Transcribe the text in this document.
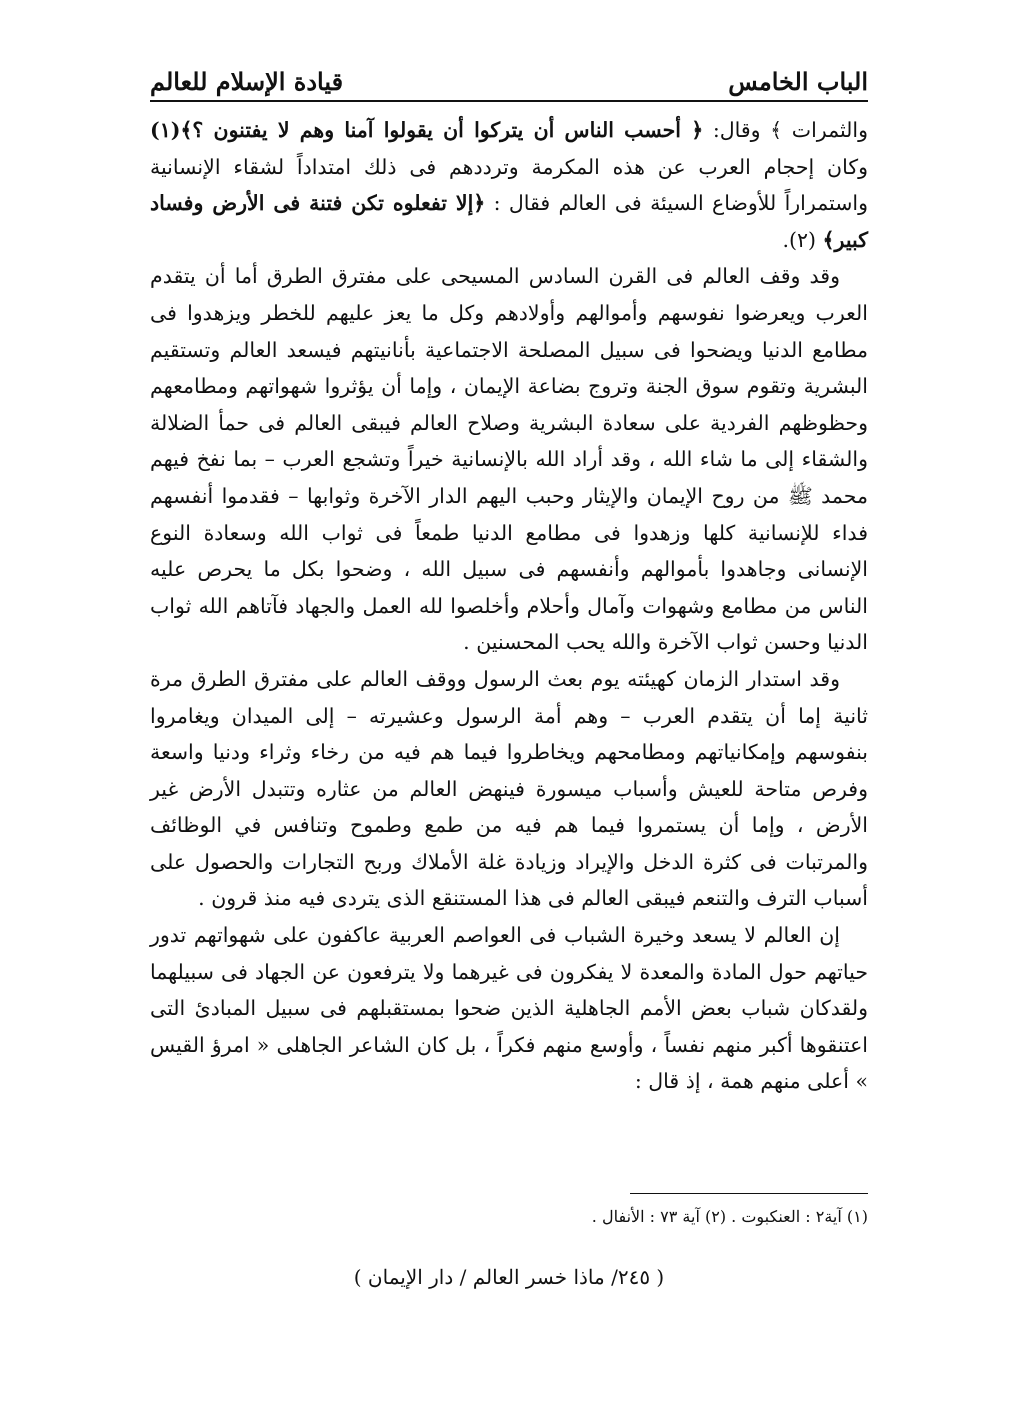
الباب الخامس
قيادة الإسلام للعالم

والثمرات ﴾ وقال: ﴿ أحسب الناس أن يتركوا أن يقولوا آمنا وهم لا يفتنون ؟﴾(١) وكان إحجام العرب عن هذه المكرمة وترددهم فى ذلك امتداداً لشقاء الإنسانية واستمراراً للأوضاع السيئة فى العالم فقال : ﴿إلا تفعلوه تكن فتنة فى الأرض وفساد كبير﴾ (٢).

وقد وقف العالم فى القرن السادس المسيحى على مفترق الطرق أما أن يتقدم العرب ويعرضوا نفوسهم وأموالهم وأولادهم وكل ما يعز عليهم للخطر ويزهدوا فى مطامع الدنيا ويضحوا فى سبيل المصلحة الاجتماعية بأنانيتهم فيسعد العالم وتستقيم البشرية وتقوم سوق الجنة وتروج بضاعة الإيمان ، وإما أن يؤثروا شهواتهم ومطامعهم وحظوظهم الفردية على سعادة البشرية وصلاح العالم فيبقى العالم فى حمأ الضلالة والشقاء إلى ما شاء الله ، وقد أراد الله بالإنسانية خيراً وتشجع العرب – بما نفخ فيهم محمد ﷺ من روح الإيمان والإيثار وحبب اليهم الدار الآخرة وثوابها – فقدموا أنفسهم فداء للإنسانية كلها وزهدوا فى مطامع الدنيا طمعاً فى ثواب الله وسعادة النوع الإنسانى وجاهدوا بأموالهم وأنفسهم فى سبيل الله ، وضحوا بكل ما يحرص عليه الناس من مطامع وشهوات وآمال وأحلام وأخلصوا لله العمل والجهاد فآتاهم الله ثواب الدنيا وحسن ثواب الآخرة والله يحب المحسنين .

وقد استدار الزمان كهيئته يوم بعث الرسول ووقف العالم على مفترق الطرق مرة ثانية إما أن يتقدم العرب – وهم أمة الرسول وعشيرته – إلى الميدان ويغامروا بنفوسهم وإمكانياتهم ومطامحهم ويخاطروا فيما هم فيه من رخاء وثراء ودنيا واسعة وفرص متاحة للعيش وأسباب ميسورة فينهض العالم من عثاره وتتبدل الأرض غير الأرض ، وإما أن يستمروا فيما هم فيه من طمع وطموح وتنافس في الوظائف والمرتبات فى كثرة الدخل والإيراد وزيادة غلة الأملاك وربح التجارات والحصول على أسباب الترف والتنعم فيبقى العالم فى هذا المستنقع الذى يتردى فيه منذ قرون .

إن العالم لا يسعد وخيرة الشباب فى العواصم العربية عاكفون على شهواتهم تدور حياتهم حول المادة والمعدة لا يفكرون فى غيرهما ولا يترفعون عن الجهاد فى سبيلهما ولقدكان شباب بعض الأمم الجاهلية الذين ضحوا بمستقبلهم فى سبيل المبادئ التى اعتنقوها أكبر منهم نفساً ، وأوسع منهم فكراً ، بل كان الشاعر الجاهلى « امرؤ القيس » أعلى منهم همة ، إذ قال :

(١) آية٢ : العنكبوت . (٢) آية ٧٣ : الأنفال .
( ٢٤٥/ ماذا خسر العالم / دار الإيمان )
